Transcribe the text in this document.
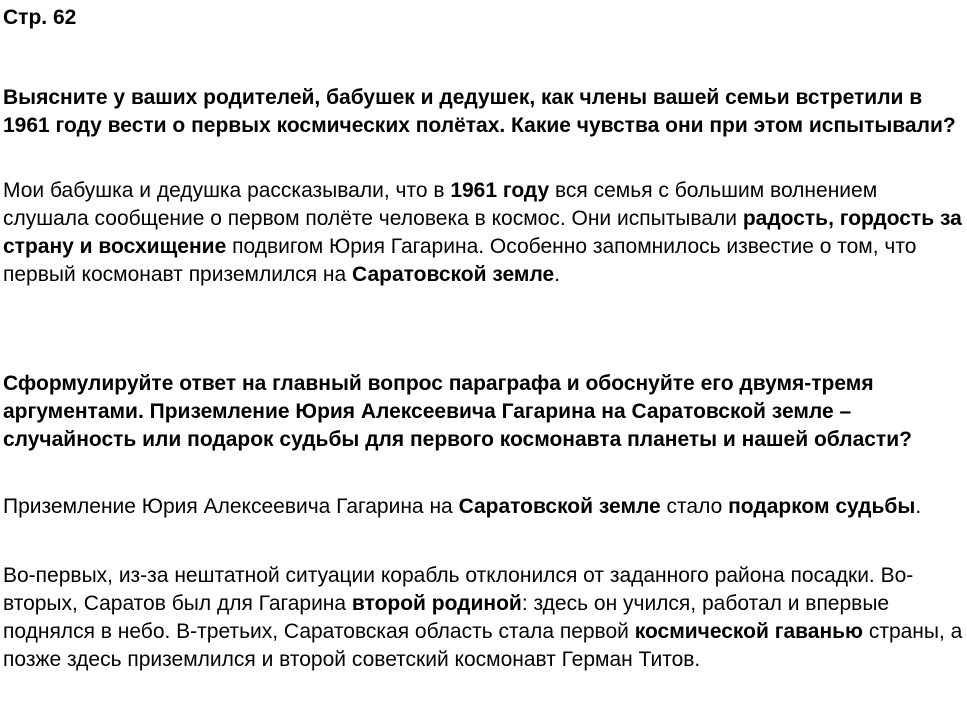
Стр. 62

Выясните у ваших родителей, бабушек и дедушек, как члены вашей семьи встретили в 1961 году вести о первых космических полётах. Какие чувства они при этом испытывали?

Мои бабушка и дедушка рассказывали, что в 1961 году вся семья с большим волнением слушала сообщение о первом полёте человека в космос. Они испытывали радость, гордость за страну и восхищение подвигом Юрия Гагарина. Особенно запомнилось известие о том, что первый космонавт приземлился на Саратовской земле.

Сформулируйте ответ на главный вопрос параграфа и обоснуйте его двумя-тремя аргументами. Приземление Юрия Алексеевича Гагарина на Саратовской земле – случайность или подарок судьбы для первого космонавта планеты и нашей области?

Приземление Юрия Алексеевича Гагарина на Саратовской земле стало подарком судьбы.

Во-первых, из-за нештатной ситуации корабль отклонился от заданного района посадки. Во-вторых, Саратов был для Гагарина второй родиной: здесь он учился, работал и впервые поднялся в небо. В-третьих, Саратовская область стала первой космической гаванью страны, а позже здесь приземлился и второй советский космонавт Герман Титов.
